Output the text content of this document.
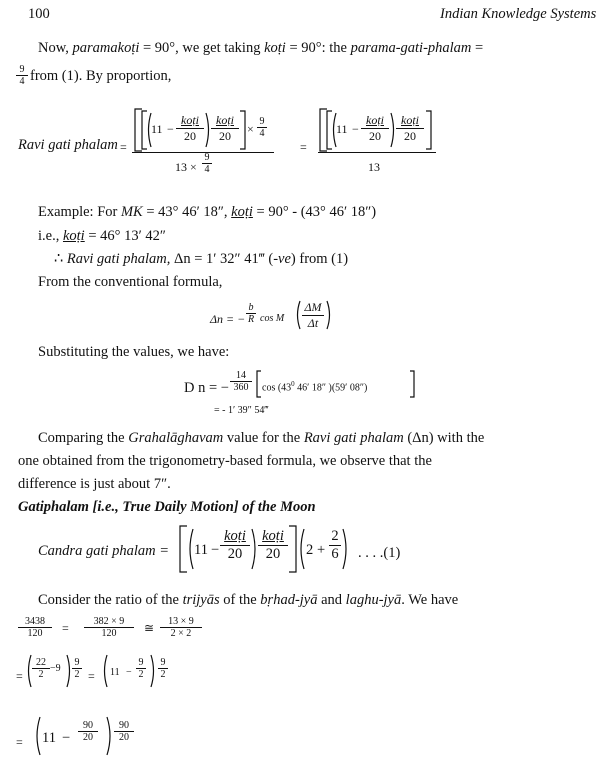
100	Indian Knowledge Systems
Now, paramakoṭi = 90°, we get taking koṭi = 90°: the parama-gati-phalam =
$\frac{9}{4}$ from (1). By proportion,
Ravi gati phalam =
11 −
koṭi
20
koṭi
20	× $\frac{9}{4}$
$13 \times \frac{9}{4}$
=
11 −
koṭi
20
koṭi
20
13
Example: For MK = 43° 46′ 18″, koṭi = 90° - (43° 46′ 18″)
i.e., koṭi = 46° 13′ 42″
∴ Ravi gati phalam, Δn = 1′ 32″ 41‴ (-ve) from (1)
From the conventional formula,
Δn = − $\frac{b}{R}$ cos M $\frac{\Delta M}{\Delta t}$
Substituting the values, we have:
D n = − $\frac{14}{360}$ $\cos (43^0$ 46′ 18″ )(59′ 08″)
= - 1′ 39″ 54‴
Comparing the Grahalāghavam value for the Ravi gati phalam (Δn) with the
one obtained from the trigonometry-based formula, we observe that the
difference is just about 7″.
Gatiphalam [i.e., True Daily Motion] of the Moon
Candra gati phalam = 11 −
koṭi
20
koṭi
20	$2 + \frac{2}{6}$ . . . .(1)
Consider the ratio of the trijyās of the bṛhad-jyā and laghu-jyā. We have
$\frac{3438}{120} = \frac{382 \times 9}{120}$ ≅ $\frac{13 \times 9}{2 \times 2}$
= $\frac{22}{2} -9 \frac{9}{2} = 11 - \frac{9}{2} \frac{9}{2}$
= $11 - \frac{90}{20} \frac{90}{20}$
